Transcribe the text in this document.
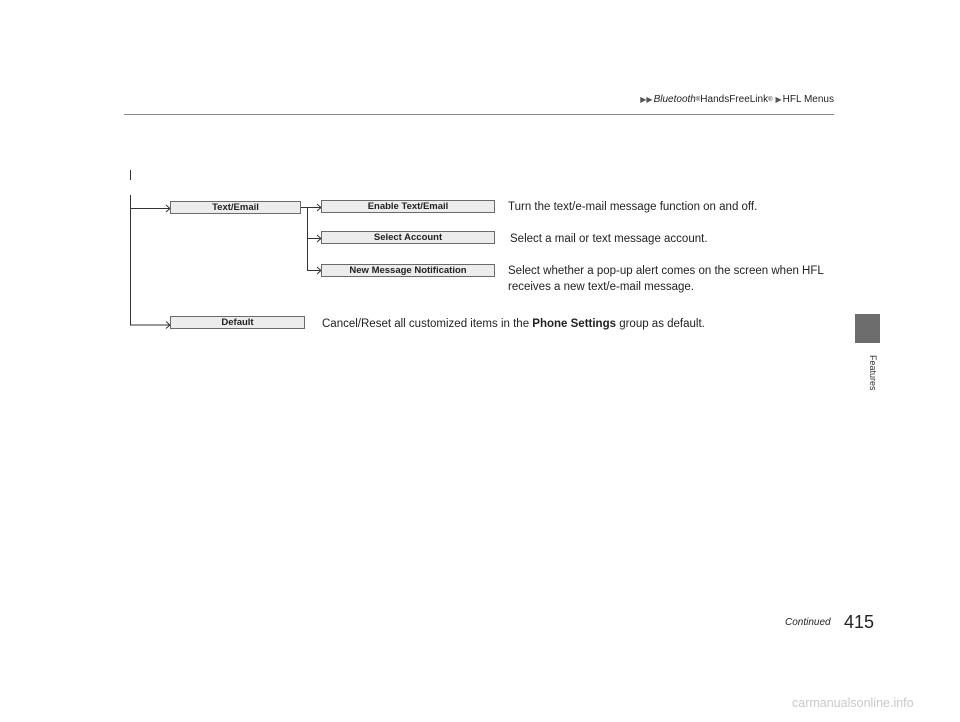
▶▶ Bluetooth ® HandsFreeLink ® ▶ HFL Menus
Features
Text/Email
Default
Enable Text/Email
Select Account
New Message Notification
Turn the text/e-mail message function on and off.
Select a mail or text message account.
Select whether a pop-up alert comes on the screen when HFL
receives a new text/e-mail message.
Cancel/Reset all customized items in the Phone Settings group as default.
Continued 415
carmanualsonline.info
